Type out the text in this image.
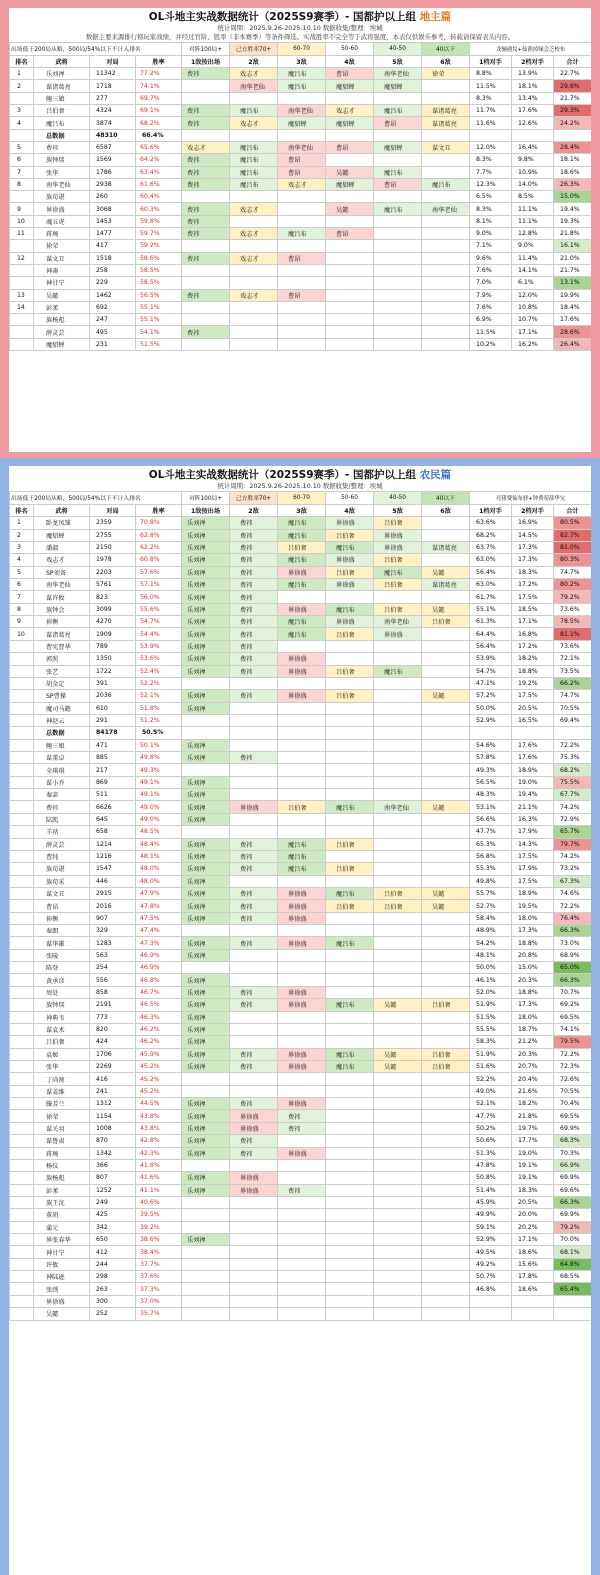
OL斗地主实战数据统计（2025S9赛季）- 国都护以上组 地主篇
统计周期：2025.9.26-2025.10.10 数据收集/整理：埃城
数据主要来源排行榜玩家战绩，并经过官阶、胜率（非本赛季）等条件筛选。实战胜率不完全等于武将强度，本表仅供娱乐参考，转载请保留表头内容。
出场低于200局从略，500局/54%以下不计入排名				对阵100局+	己方胜率70+	60-70	50-60	40-50	40以下	龙骊遇坟+仙渔掉缘会乏校布		
排名	武将	对局	胜率	1敌按出场	2敌	3敌	4敌	5敌	6敌	1档对手	2档对手	合计
1	乐刘禅	11342	77.2%	费祎	戏志才	魔吕布	曹昂	南华老仙	徐荣	8.8%	13.9%	22.7%
2	谋诸葛亮	1718	74.1%		南华老仙	魔吕布	魔貂蝉	魔貂蝉		11.5%	18.1%	29.6%
	鲍三娘	277	69.7%							8.3%	13.4%	21.7%
3	吕伯奢	4324	69.1%	费祎	魔吕布	南华老仙	戏志才	魔吕布	谋诸葛亮	11.7%	17.6%	29.3%
4	魔吕布	3874	68.2%	费祎	戏志才	魔貂蝉	魔貂蝉	曹昂	谋诸葛亮	11.6%	12.6%	24.2%
	总数据	48310	66.4%									
5	费祎	6587	65.6%	戏志才	魔吕布	南华老仙	曹昂	魔貂蝉	谋文丑	12.0%	16.4%	28.4%
6	族钟琰	1569	64.2%	费祎	魔吕布	曹昂				8.3%	9.8%	18.1%
7	张华	1786	63.4%	费祎	魔吕布	曹昂	吴懿	魔吕布		7.7%	10.9%	18.6%
8	南华老仙	2938	61.6%	费祎	魔吕布	戏志才	魔貂蝉	曹昂	魔吕布	12.3%	14.0%	26.3%
	族荀谌	260	60.4%							6.5%	8.5%	15.0%
9	界徐盛	3068	60.3%	费祎	戏志才		吴懿	魔吕布	南华老仙	8.3%	11.1%	19.4%
10	魂五虎	1453	59.8%	费祎						8.1%	11.1%	19.3%
11	蒋琬	1477	59.7%	费祎	戏志才	魔吕布	曹昂			9.0%	12.8%	21.8%
	徐荣	417	59.2%							7.1%	9.0%	16.1%
12	谋文丑	1518	58.6%	费祎	戏志才	曹昂				9.6%	11.4%	21.0%
	神凑	258	58.5%							7.6%	14.1%	21.7%
	神甘宁	229	58.5%							7.0%	6.1%	13.1%
13	吴懿	1462	56.5%	费祎	戏志才	曹昂				7.9%	12.0%	19.9%
14	彭羕	692	55.1%							7.6%	10.8%	18.4%
	族杨彪	247	55.1%							6.9%	10.7%	17.6%
	薛灵芸	495	54.1%	费祎						11.5%	17.1%	28.6%
	魔貂蝉	231	51.5%							10.2%	16.2%	26.4%
OL斗地主实战数据统计（2025S9赛季）- 国都护以上组 农民篇
统计周期：2025.9.26-2025.10.10 数据收集/整理：埃城
出场低于200局从略，500局/54%以下不计入排名				对阵100局+	己方胜率70+	60-70	50-60	40-50	40以下	亮猪费仙布驿+钟费荀薛华宝		
排名	武将	对局	胜率	1敌按出场	2敌	3敌	4敌	5敌	6敌	1档对手	2档对手	合计
1	卧龙凤雏	2359	70.8%	乐刘禅	费祎	魔吕布	界徐盛	吕伯奢		63.6%	16.9%	80.5%
2	魔貂蝉	2755	62.8%	乐刘禅	费祎	魔吕布	吕伯奢	界徐盛		68.2%	14.5%	82.7%
3	潘淑	2150	62.2%	乐刘禅	费祎	吕伯奢	魔吕布	界徐盛	谋诸葛亮	63.7%	17.3%	81.0%
4	戏志才	1978	60.8%	乐刘禅	费祎	魔吕布	界徐盛	吕伯奢		63.0%	17.3%	80.3%
5	SP刘备	2203	57.6%	乐刘禅	费祎	界徐盛	吕伯奢	魔吕布	吴懿	56.4%	18.3%	74.7%
6	南华老仙	5761	57.1%	乐刘禅	费祎	魔吕布	界徐盛	吕伯奢	谋诸葛亮	63.0%	17.2%	80.2%
7	谋许攸	823	56.0%	乐刘禅	费祎					61.7%	17.5%	79.2%
8	族钟会	3099	55.6%	乐刘禅	费祎	界徐盛	魔吕布	吕伯奢	吴懿	55.1%	18.5%	73.6%
9	祢衡	4270	54.7%	乐刘禅	费祎	魔吕布	界徐盛	南华老仙	吕伯奢	61.3%	17.1%	78.5%
10	谋诸葛亮	1909	54.4%	乐刘禅	费祎	魔吕布	吕伯奢	界徐盛		64.4%	16.8%	81.1%
	曹宪曹华	789	53.9%	乐刘禅	费祎					56.4%	17.2%	73.6%
	郭照	1350	53.6%	乐刘禅	费祎	界徐盛				53.9%	18.2%	72.1%
	张艺	1722	52.4%	乐刘禅	费祎	界徐盛	吕伯奢	魔吕布		54.7%	18.8%	73.5%
	胡金定	391	52.2%							47.1%	19.2%	66.2%
	SP曹操	2036	52.1%	乐刘禅	费祎	界徐盛	吕伯奢		吴懿	57.2%	17.5%	74.7%
	魔司马懿	610	51.8%	乐刘禅						50.0%	20.5%	70.5%
	神赵云	291	51.2%							52.9%	16.5%	69.4%
	总数据	84178	50.5%									
	鲍三娘	471	50.1%	乐刘禅						54.6%	17.6%	72.2%
	谋董卓	885	49.8%	乐刘禅	费祎					57.8%	17.6%	75.3%
	全琪琪	217	49.3%							49.3%	18.9%	68.2%
	谋小乔	869	49.1%	乐刘禅						56.5%	19.0%	75.5%
	秦宓	511	49.1%	乐刘禅						48.3%	19.4%	67.7%
	费祎	6626	49.0%	乐刘禅	界徐盛	吕伯奢	魔吕布	南华老仙	吴懿	53.1%	21.1%	74.2%
	陆凯	645	49.0%	乐刘禅						56.6%	16.3%	72.9%
	羊祜	658	48.5%							47.7%	17.9%	65.7%
	薛灵芸	1214	48.4%	乐刘禅	费祎	魔吕布	吕伯奢			65.3%	14.3%	79.7%
	曹纯	1216	48.1%	乐刘禅	费祎	魔吕布				56.8%	17.5%	74.2%
	族荀谌	1547	48.0%	乐刘禅	费祎	魔吕布	吕伯奢			55.3%	17.9%	73.2%
	族荀采	446	48.0%	乐刘禅						49.8%	17.5%	67.3%
	谋文丑	2915	47.9%	乐刘禅	费祎	界徐盛	魔吕布	吕伯奢	吴懿	55.7%	18.9%	74.6%
	曹昂	2016	47.8%	乐刘禅	费祎	界徐盛	吕伯奢	吕伯奢	吴懿	52.7%	19.5%	72.2%
	祢衡	907	47.5%	乐刘禅	费祎	界徐盛				58.4%	18.0%	76.4%
	秦朗	329	47.4%							48.9%	17.3%	66.3%
	谋华雄	1283	47.3%	乐刘禅	费祎	界徐盛	魔吕布			54.2%	18.8%	73.0%
	张陵	563	46.9%	乐刘禅						48.1%	20.8%	68.9%
	陈登	254	46.9%							50.0%	15.0%	65.0%
	黄承彦	556	46.8%	乐刘禅						46.1%	20.3%	66.3%
	周处	858	46.7%	乐刘禅	费祎	界徐盛				52.0%	18.8%	70.7%
	族钟琰	2191	46.5%	乐刘禅	费祎	界徐盛	魔吕布	吴懿	吕伯奢	51.9%	17.3%	69.2%
	神典韦	773	46.3%	乐刘禅						51.5%	18.0%	69.5%
	谋袁术	820	46.2%	乐刘禅						55.5%	18.7%	74.1%
	吕伯奢	424	46.2%	乐刘禅						58.3%	21.2%	79.5%
	袁姬	1706	45.9%	乐刘禅	费祎	界徐盛	魔吕布	吴懿	吕伯奢	51.9%	20.3%	72.2%
	张华	2269	45.2%	乐刘禅	费祎	界徐盛	魔吕布	吴懿	吕伯奢	51.6%	20.7%	72.3%
	丁尚涴	416	45.2%							52.2%	20.4%	72.6%
	谋姜维	241	45.2%							49.0%	21.6%	70.5%
	滕芳兰	1312	44.5%	乐刘禅	费祎	界徐盛				52.1%	18.2%	70.4%
	徐荣	1154	43.8%	乐刘禅	界徐盛	费祎				47.7%	21.8%	69.5%
	谋关羽	1008	43.8%	乐刘禅	界徐盛	费祎				50.2%	19.7%	69.9%
	谋鲁肃	870	42.8%	乐刘禅	费祎					50.6%	17.7%	68.3%
	蒋琬	1342	42.3%	乐刘禅	费祎	界徐盛				51.3%	19.0%	70.3%
	杨仪	366	41.8%							47.8%	19.1%	66.9%
	族杨彪	807	41.6%	乐刘禅	界徐盛					50.8%	19.1%	69.9%
	彭羕	1252	41.1%	乐刘禅	界徐盛	费祎				51.4%	18.3%	69.6%
	族王沈	249	40.6%							45.9%	20.5%	66.3%
	董胡	425	39.5%							49.9%	20.0%	69.9%
	蒲元	342	39.2%							59.1%	20.2%	79.2%
	界张春华	650	38.6%	乐刘禅						52.9%	17.1%	70.0%
	神甘宁	412	38.4%							49.5%	18.6%	68.1%
	许攸	244	37.7%							49.2%	15.6%	64.8%
	神陆逊	298	37.6%							50.7%	17.8%	68.5%
	张绣	263	37.3%							46.8%	18.6%	65.4%
	界徐盛	300	37.0%									
	吴懿	252	35.7%									
手游
GAOSHOUYOU.COM
